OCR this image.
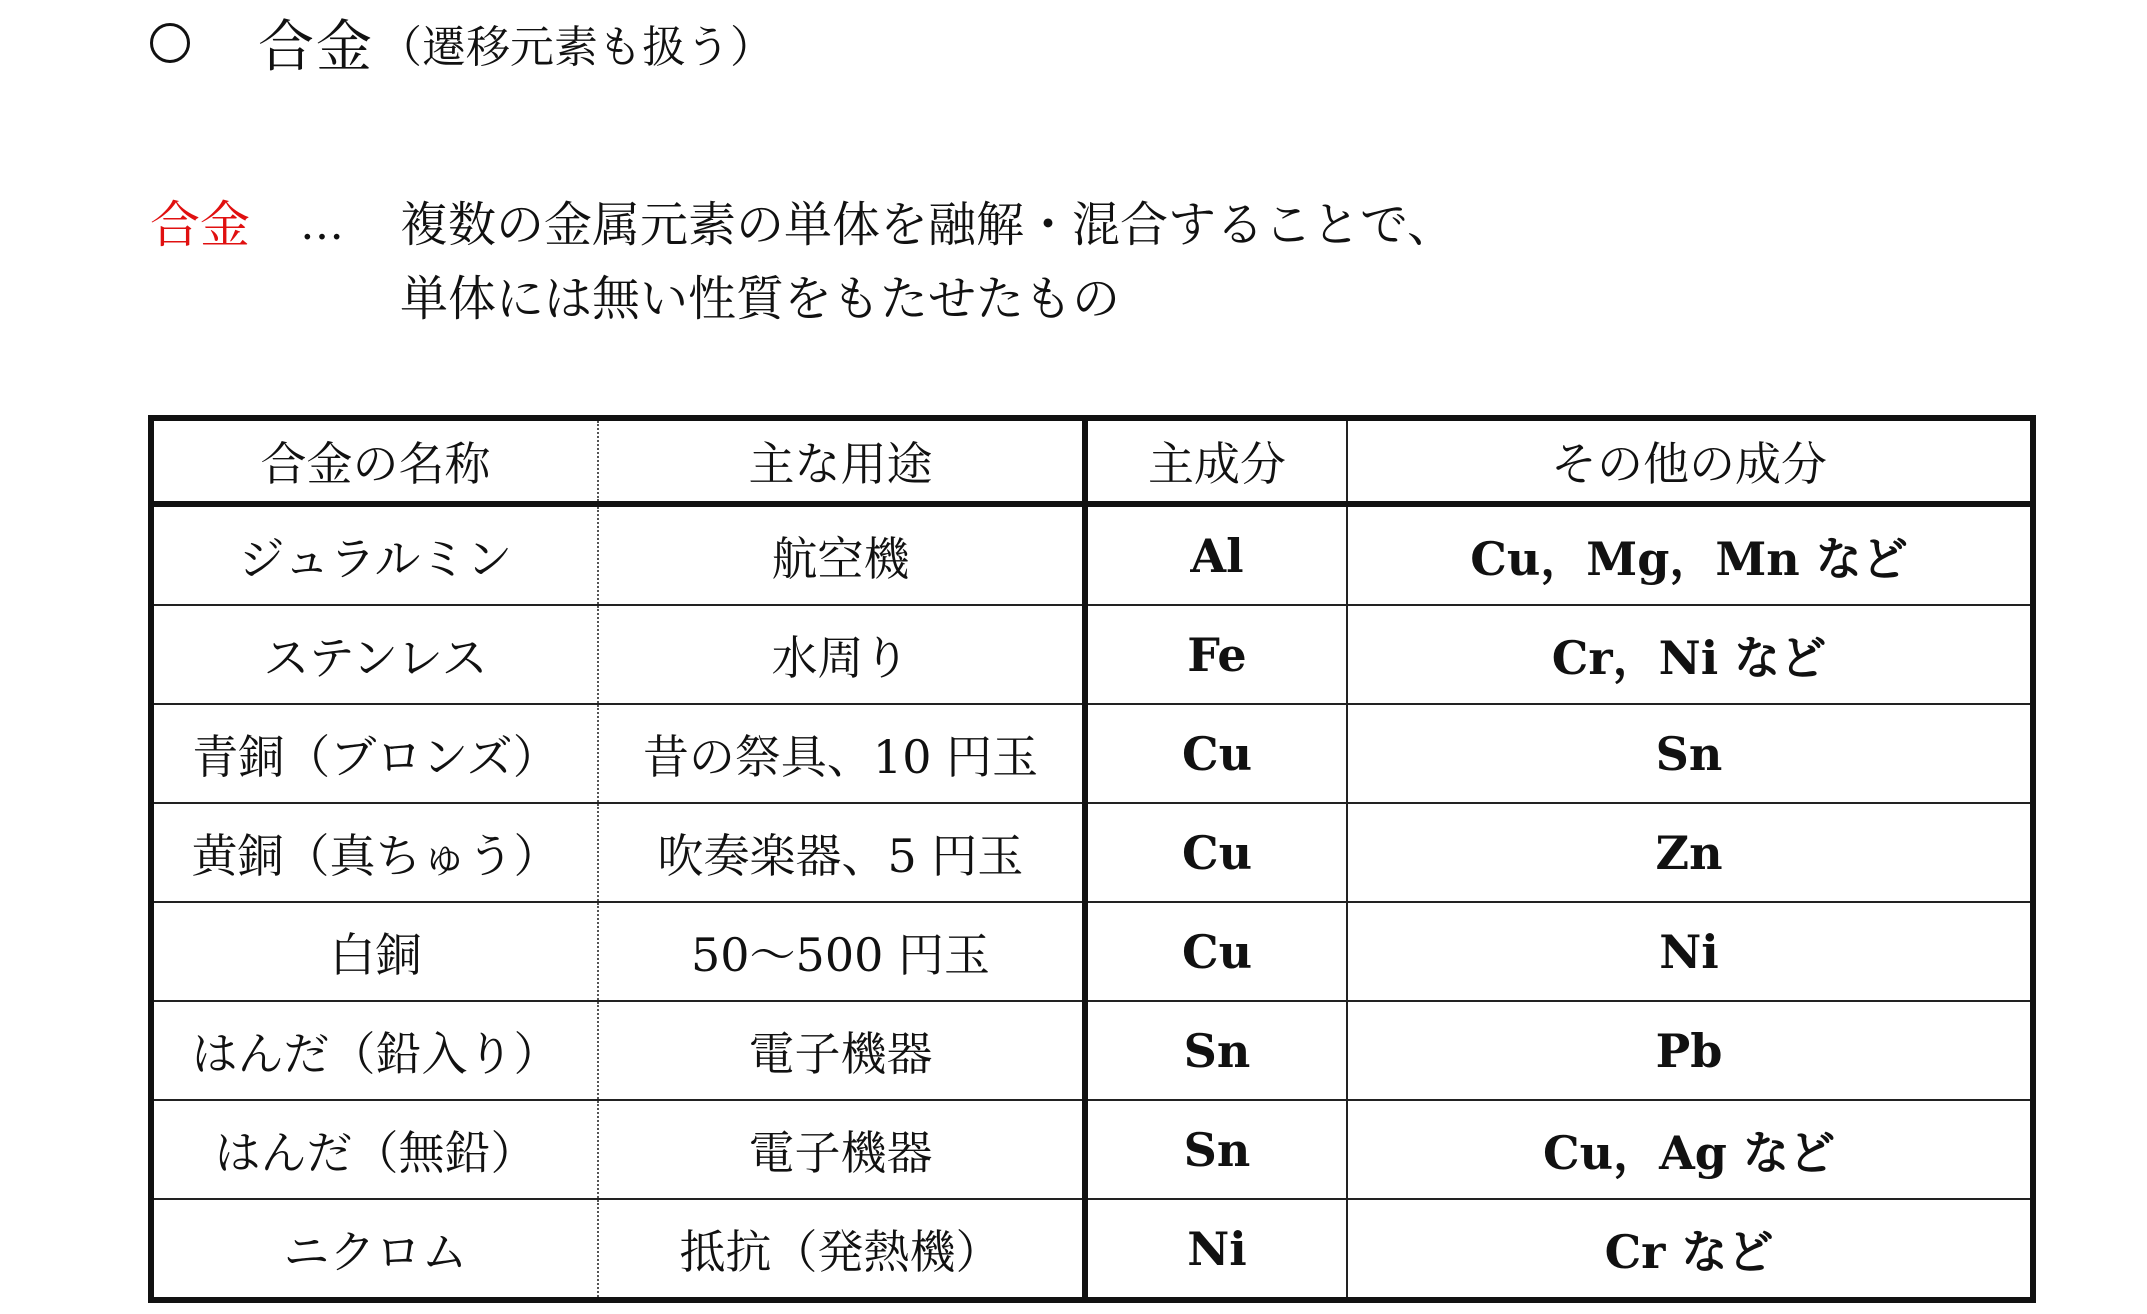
合金 （遷移元素も扱う）
合金 … 複数の金属元素の単体を融解・混合することで、
単体には無い性質をもたせたもの
合金の名称	主な用途	主成分	その他の成分
ジュラルミン	航空機	Al	Cu，Mg，Mn など
ステンレス	水周り	Fe	Cr，Ni など
青銅（ブロンズ）	昔の祭具、10 円玉	Cu	Sn
黄銅（真ちゅう）	吹奏楽器、5 円玉	Cu	Zn
白銅	50～500 円玉	Cu	Ni
はんだ（鉛入り）	電子機器	Sn	Pb
はんだ（無鉛）	電子機器	Sn	Cu，Ag など
ニクロム	抵抗（発熱機）	Ni	Cr など
